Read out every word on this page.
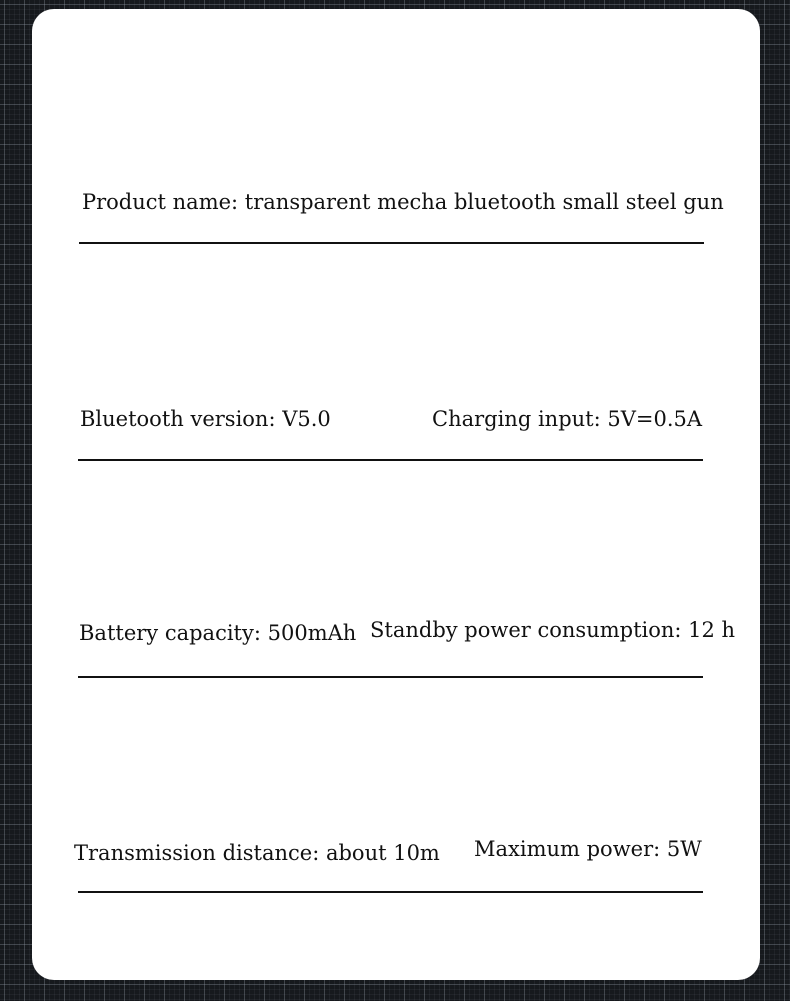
Product name: transparent mecha bluetooth small steel gun
Bluetooth version: V5.0	Charging input: 5V=0.5A
Battery capacity: 500mAh Standby power consumption: 12 h
Transmission distance: about 10m Maximum power: 5W
